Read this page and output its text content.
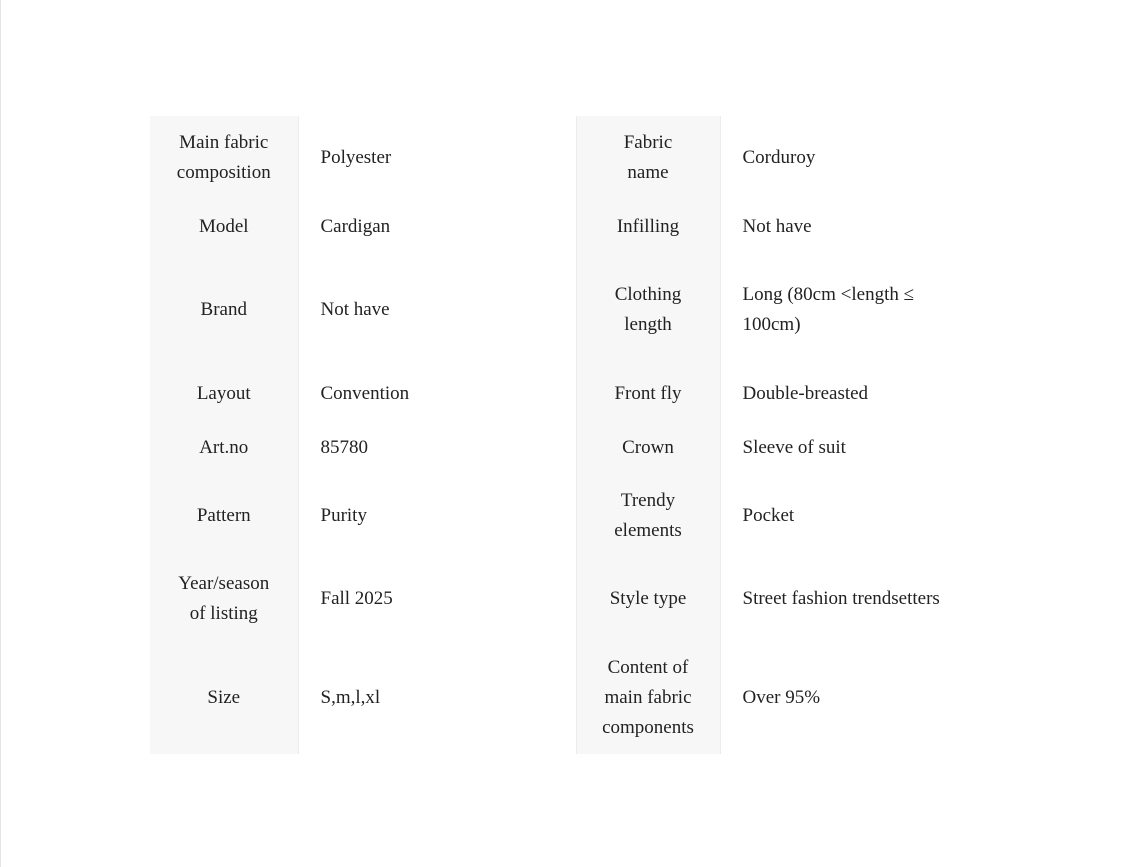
Main fabric composition	Polyester	Fabric name	Corduroy
Model	Cardigan	Infilling	Not have
Brand	Not have	Clothing length	Long (80cm <length ≤ 100cm)
Layout	Convention	Front fly	Double-breasted
Art.no	85780	Crown	Sleeve of suit
Pattern	Purity	Trendy elements	Pocket
Year/season of listing	Fall 2025	Style type	Street fashion trendsetters
Size	S,m,l,xl	Content of main fabric components	Over 95%
